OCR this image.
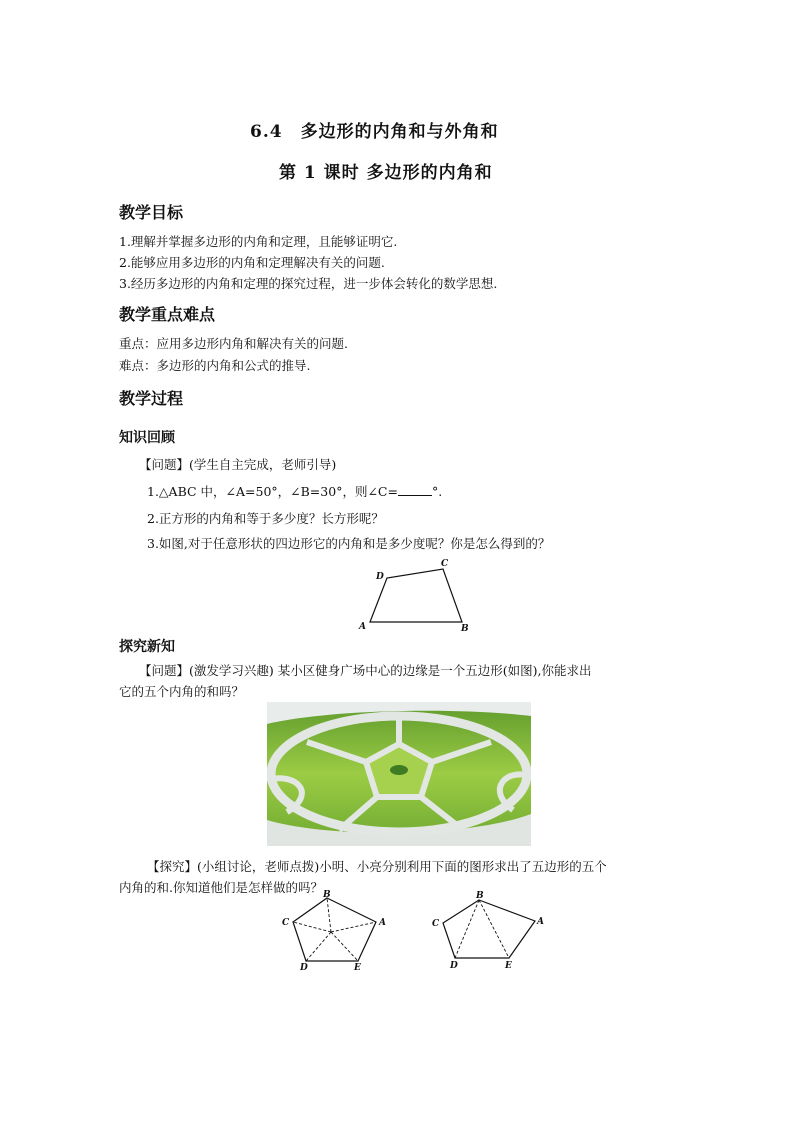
6.4　多边形的内角和与外角和
第 1 课时 多边形的内角和
教学目标
1.理解并掌握多边形的内角和定理，且能够证明它.
2.能够应用多边形的内角和定理解决有关的问题.
3.经历多边形的内角和定理的探究过程，进一步体会转化的数学思想.
教学重点难点
重点：应用多边形内角和解决有关的问题.
难点：多边形的内角和公式的推导.
教学过程
知识回顾
【问题】(学生自主完成，老师引导)
1.△ABC 中，∠A=50°，∠B=30°，则∠C=	°.
2.正方形的内角和等于多少度？长方形呢？
3.如图,对于任意形状的四边形它的内角和是多少度呢？你是怎么得到的？
A	B
C
D
探究新知
【问题】(激发学习兴趣) 某小区健身广场中心的边缘是一个五边形(如图),你能求出
它的五个内角的和吗？
【探究】(小组讨论，老师点拨)小明、小亮分别利用下面的图形求出了五边形的五个
内角的和.你知道他们是怎样做的吗？
A
B
C
D	E
A
B
C
D	E
